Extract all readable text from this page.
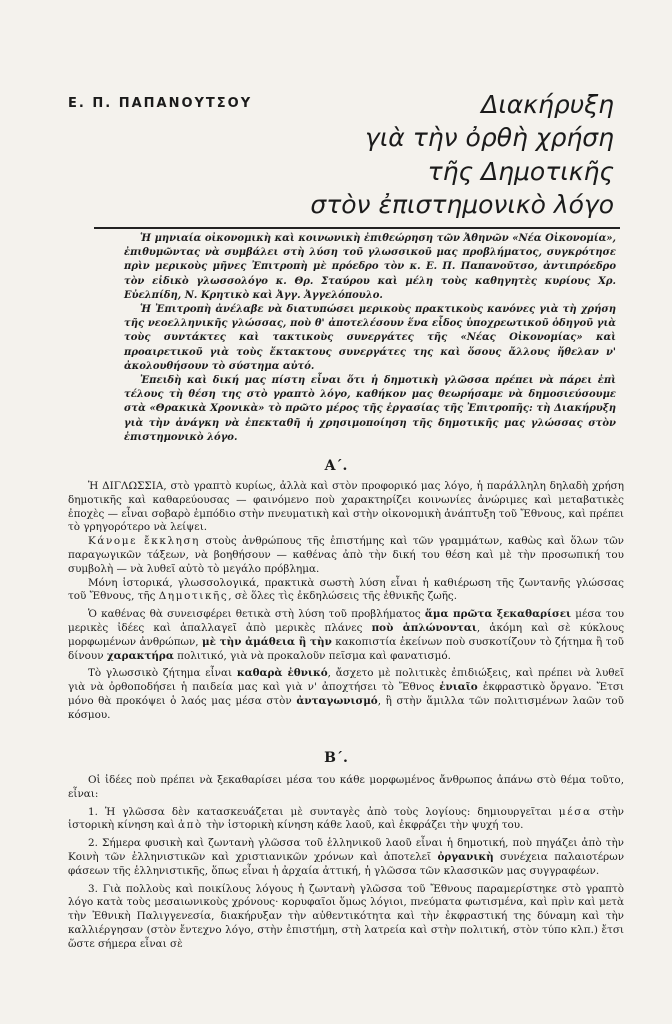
Ε. Π. ΠΑΠΑΝΟΥΤΣΟΥ	Διακήρυξη
γιὰ τὴν ὀρθὴ χρήση
τῆς Δημοτικῆς
στὸν ἐπιστημονικὸ λόγο

Ἡ μηνιαία οἰκονομικὴ καὶ κοινωνικὴ ἐπιθεώρηση τῶν Ἀθηνῶν «Νέα Οἰκονομία», ἐπιθυμῶντας νὰ συμβάλει στὴ λύση τοῦ γλωσσικοῦ μας προβλήματος, συγκρότησε πρὶν μερικοὺς μῆνες Ἐπιτροπὴ μὲ πρόεδρο τὸν κ. Ε. Π. Παπανοῦτσο, ἀντιπρόεδρο τὸν εἰδικὸ γλωσσολόγο κ. Θρ. Σταύρου καὶ μέλη τοὺς καθηγητὲς κυρίους Χρ. Εὐελπίδη, Ν. Κρητικὸ καὶ Ἀγγ. Ἀγγελόπουλο.

Ἡ Ἐπιτροπὴ ἀνέλαβε νὰ διατυπώσει μερικοὺς πρακτικοὺς κανόνες γιὰ τὴ χρήση τῆς νεοελληνικῆς γλώσσας, ποὺ θ' ἀποτελέσουν ἕνα εἶδος ὑποχρεωτικοῦ ὁδηγοῦ γιὰ τοὺς συντάκτες καὶ τακτικοὺς συνεργάτες τῆς «Νέας Οἰκονομίας» καὶ προαιρετικοῦ γιὰ τοὺς ἔκτακτους συνεργάτες της καὶ ὅσους ἄλλους ἤθελαν ν' ἀκολουθήσουν τὸ σύστημα αὐτό.

Ἐπειδὴ καὶ δική μας πίστη εἶναι ὅτι ἡ δημοτικὴ γλῶσσα πρέπει νὰ πάρει ἐπὶ τέλους τὴ θέση της στὸ γραπτὸ λόγο, καθήκον μας θεωρήσαμε νὰ δημοσιεύσουμε στὰ «Θρακικὰ Χρονικὰ» τὸ πρῶτο μέρος τῆς ἐργασίας τῆς Ἐπιτροπῆς: τὴ Διακήρυξη γιὰ τὴν ἀνάγκη νὰ ἐπεκταθῆ ἡ χρησιμοποίηση τῆς δημοτικῆς μας γλώσσας στὸν ἐπιστημονικὸ λόγο.

Α΄.

Ἡ ΔΙΓΛΩΣΣΙΑ, στὸ γραπτὸ κυρίως, ἀλλὰ καὶ στὸν προφορικό μας λόγο, ἡ παράλληλη δηλαδὴ χρήση δημοτικῆς καὶ καθαρεύουσας — φαινόμενο ποὺ χαρακτηρίζει κοινωνίες ἀνώριμες καὶ μεταβατικὲς ἐποχὲς — εἶναι σοβαρὸ ἐμπόδιο στὴν πνευματικὴ καὶ στὴν οἰκονομικὴ ἀνάπτυξη τοῦ Ἔθνους, καὶ πρέπει τὸ γρηγορότερο νὰ λείψει.

Κάνομε ἔκκληση στοὺς ἀνθρώπους τῆς ἐπιστήμης καὶ τῶν γραμμάτων, καθὼς καὶ ὅλων τῶν παραγωγικῶν τάξεων, νὰ βοηθήσουν — καθένας ἀπὸ τὴν δική του θέση καὶ μὲ τὴν προσωπική του συμβολὴ — νὰ λυθεῖ αὐτὸ τὸ μεγάλο πρόβλημα.

Μόνη ἱστορικά, γλωσσολογικά, πρακτικὰ σωστὴ λύση εἶναι ἡ καθιέρωση τῆς ζωντανῆς γλώσσας τοῦ Ἔθνους, τῆς Δημοτικῆς, σὲ ὅλες τὶς ἐκδηλώσεις τῆς ἐθνικῆς ζωῆς.

Ὁ καθένας θὰ συνεισφέρει θετικὰ στὴ λύση τοῦ προβλήματος ἅμα πρῶτα ξεκαθαρίσει μέσα του μερικὲς ἰδέες καὶ ἀπαλλαγεῖ ἀπὸ μερικὲς πλάνες ποὺ ἁπλώνονται, ἀκόμη καὶ σὲ κύκλους μορφωμένων ἀνθρώπων, μὲ τὴν ἀμάθεια ἢ τὴν κακοπιστία ἐκείνων ποὺ συσκοτίζουν τὸ ζήτημα ἢ τοῦ δίνουν χαρακτήρα πολιτικό, γιὰ νὰ προκαλοῦν πεῖσμα καὶ φανατισμό.

Τὸ γλωσσικὸ ζήτημα εἶναι καθαρὰ ἐθνικό, ἄσχετο μὲ πολιτικὲς ἐπιδιώξεις, καὶ πρέπει νὰ λυθεῖ γιὰ νὰ ὀρθοποδήσει ἡ παιδεία μας καὶ γιὰ ν' ἀποχτήσει τὸ Ἔθνος ἑνιαῖο ἐκφραστικὸ ὄργανο. Ἔτσι μόνο θὰ προκόψει ὁ λαός μας μέσα στὸν ἀνταγωνισμό, ἢ στὴν ἅμιλλα τῶν πολιτισμένων λαῶν τοῦ κόσμου.

Β΄.

Οἱ ἰδέες ποὺ πρέπει νὰ ξεκαθαρίσει μέσα του κάθε μορφωμένος ἄνθρωπος ἀπάνω στὸ θέμα τοῦτο, εἶναι:

1. Ἡ γλῶσσα δὲν κατασκευάζεται μὲ συνταγὲς ἀπὸ τοὺς λογίους: δημιουργεῖται μέσα στὴν ἱστορικὴ κίνηση καὶ ἀπὸ τὴν ἱστορικὴ κίνηση κάθε λαοῦ, καὶ ἐκφράζει τὴν ψυχή του.

2. Σήμερα φυσικὴ καὶ ζωντανὴ γλῶσσα τοῦ ἑλληνικοῦ λαοῦ εἶναι ἡ δημοτική, ποὺ πηγάζει ἀπὸ τὴν Κοινὴ τῶν ἑλληνιστικῶν καὶ χριστιανικῶν χρόνων καὶ ἀποτελεῖ ὀργανικὴ συνέχεια παλαιοτέρων φάσεων τῆς ἑλληνιστικῆς, ὅπως εἶναι ἡ ἀρχαία ἀττική, ἡ γλῶσσα τῶν κλασσικῶν μας συγγραφέων.

3. Γιὰ πολλοὺς καὶ ποικίλους λόγους ἡ ζωντανὴ γλῶσσα τοῦ Ἔθνους παραμερίστηκε στὸ γραπτὸ λόγο κατὰ τοὺς μεσαιωνικοὺς χρόνους· κορυφαῖοι ὅμως λόγιοι, πνεύματα φωτισμένα, καὶ πρὶν καὶ μετὰ τὴν Ἐθνικὴ Παλιγγενεσία, διακήρυξαν τὴν αὐθεντικότητα καὶ τὴν ἐκφραστική της δύναμη καὶ τὴν καλλιέργησαν (στὸν ἔντεχνο λόγο, στὴν ἐπιστήμη, στὴ λατρεία καὶ στὴν πολιτική, στὸν τύπο κλπ.) ἔτσι ὥστε σήμερα εἶναι σὲ
